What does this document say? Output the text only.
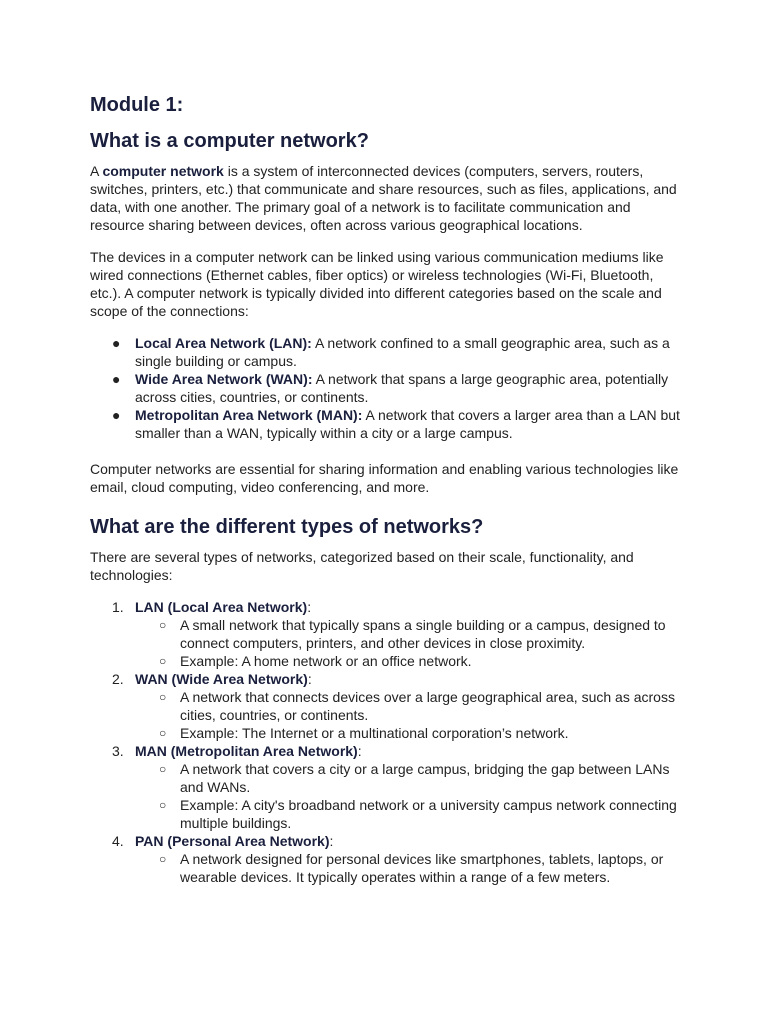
Module 1:
What is a computer network?

A computer network is a system of interconnected devices (computers, servers, routers, switches, printers, etc.) that communicate and share resources, such as files, applications, and data, with one another. The primary goal of a network is to facilitate communication and resource sharing between devices, often across various geographical locations.

The devices in a computer network can be linked using various communication mediums like wired connections (Ethernet cables, fiber optics) or wireless technologies (Wi-Fi, Bluetooth, etc.). A computer network is typically divided into different categories based on the scale and scope of the connections:

● Local Area Network (LAN): A network confined to a small geographic area, such as a single building or campus.
● Wide Area Network (WAN): A network that spans a large geographic area, potentially across cities, countries, or continents.
● Metropolitan Area Network (MAN): A network that covers a larger area than a LAN but smaller than a WAN, typically within a city or a large campus.

Computer networks are essential for sharing information and enabling various technologies like email, cloud computing, video conferencing, and more.

What are the different types of networks?

There are several types of networks, categorized based on their scale, functionality, and technologies:

1. LAN (Local Area Network):
○ A small network that typically spans a single building or a campus, designed to connect computers, printers, and other devices in close proximity.
○ Example: A home network or an office network.
2. WAN (Wide Area Network):
○ A network that connects devices over a large geographical area, such as across cities, countries, or continents.
○ Example: The Internet or a multinational corporation’s network.
3. MAN (Metropolitan Area Network):
○ A network that covers a city or a large campus, bridging the gap between LANs and WANs.
○ Example: A city's broadband network or a university campus network connecting multiple buildings.
4. PAN (Personal Area Network):
○ A network designed for personal devices like smartphones, tablets, laptops, or wearable devices. It typically operates within a range of a few meters.
